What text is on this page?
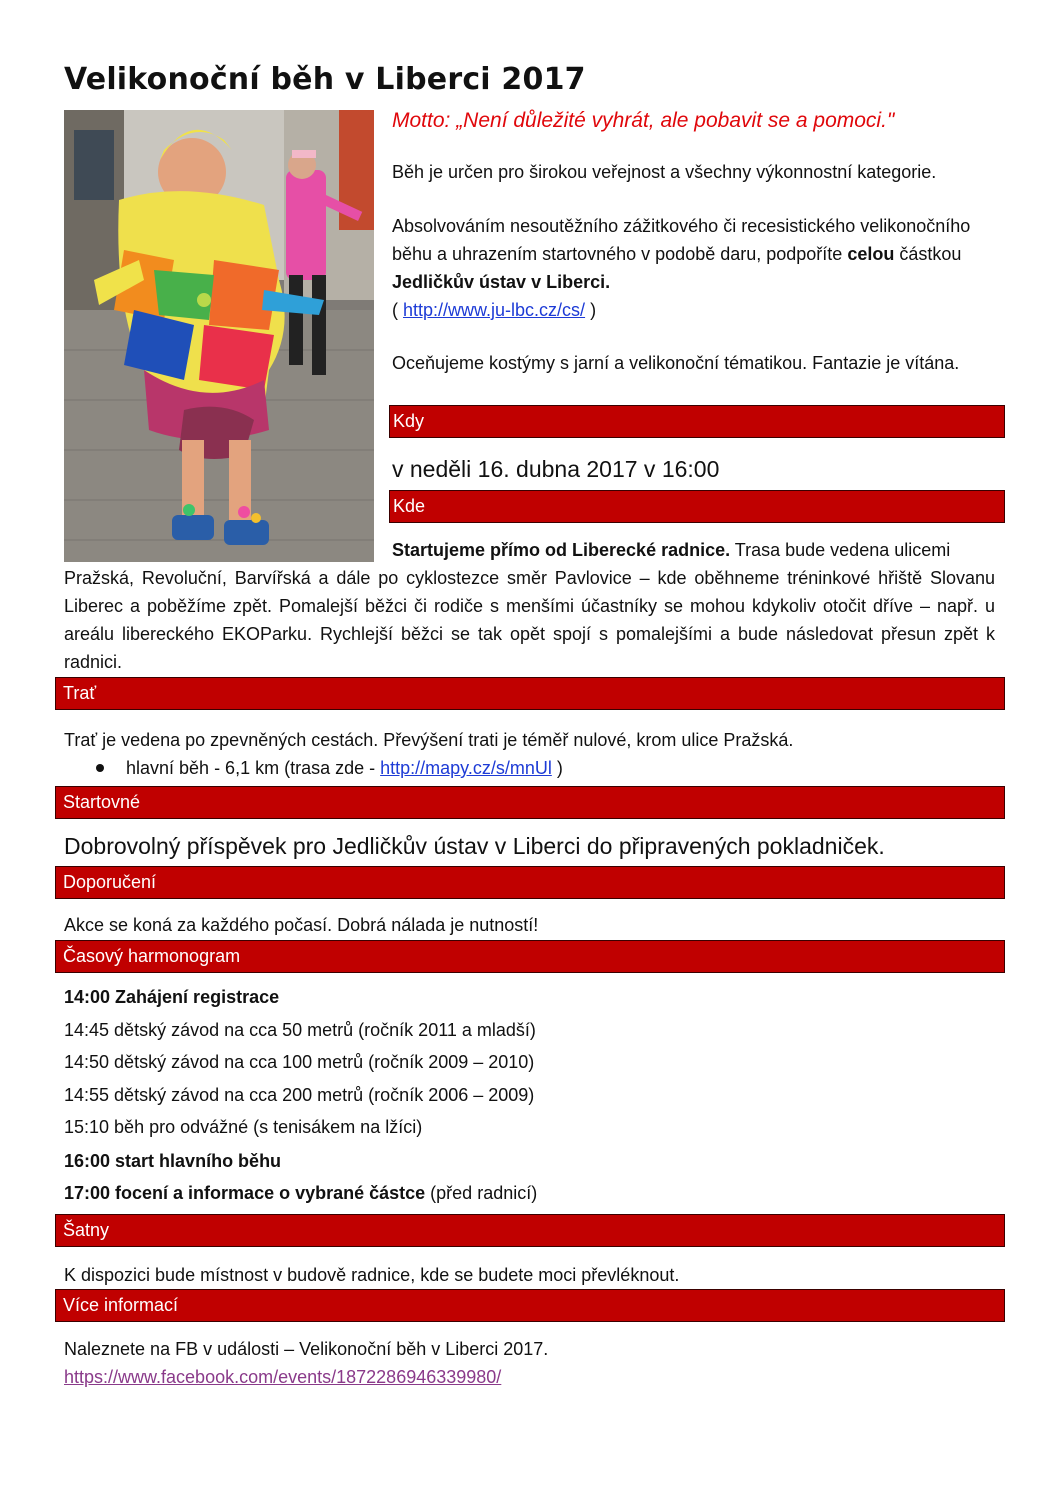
Velikonoční běh v Liberci 2017
Motto: „Není důležité vyhrát, ale pobavit se a pomoci."
Běh je určen pro širokou veřejnost a všechny výkonnostní kategorie.
Absolvováním nesoutěžního zážitkového či recesistického velikonočního běhu a uhrazením startovného v podobě daru, podpoříte celou částkou Jedličkův ústav v Liberci.
( http://www.ju-lbc.cz/cs/ )
Oceňujeme kostýmy s jarní a velikonoční tématikou. Fantazie je vítána.
Kdy
v neděli 16. dubna 2017 v 16:00
Kde
Startujeme přímo od Liberecké radnice. Trasa bude vedena ulicemi
Pražská, Revoluční, Barvířská a dále po cyklostezce směr Pavlovice – kde oběhneme tréninkové hřiště Slovanu Liberec a poběžíme zpět. Pomalejší běžci či rodiče s menšími účastníky se mohou kdykoliv otočit dříve – např. u areálu libereckého EKOParku. Rychlejší běžci se tak opět spojí s pomalejšími a bude následovat přesun zpět k radnici.
Trať
Trať je vedena po zpevněných cestách. Převýšení trati je téměř nulové, krom ulice Pražská.
hlavní běh - 6,1 km (trasa zde - http://mapy.cz/s/mnUl )
Startovné
Dobrovolný příspěvek pro Jedličkův ústav v Liberci do připravených pokladniček.
Doporučení
Akce se koná za každého počasí. Dobrá nálada je nutností!
Časový harmonogram
14:00 Zahájení registrace
14:45 dětský závod na cca 50 metrů (ročník 2011 a mladší)
14:50 dětský závod na cca 100 metrů (ročník 2009 – 2010)
14:55 dětský závod na cca 200 metrů (ročník 2006 – 2009)
15:10 běh pro odvážné (s tenisákem na lžíci)
16:00 start hlavního běhu
17:00 focení a informace o vybrané částce (před radnicí)
Šatny
K dispozici bude místnost v budově radnice, kde se budete moci převléknout.
Více informací
Naleznete na FB v události – Velikonoční běh v Liberci 2017.
https://www.facebook.com/events/1872286946339980/
